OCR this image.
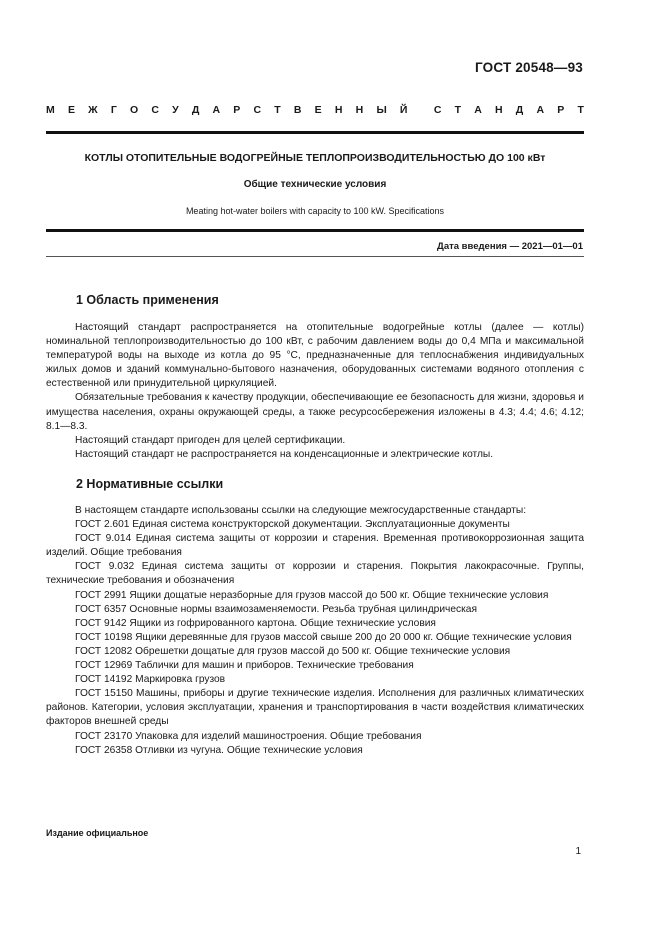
ГОСТ 20548—93
М Е Ж Г О С У Д А Р С Т В Е Н Н Ы Й	С Т А Н Д А Р Т
КОТЛЫ ОТОПИТЕЛЬНЫЕ ВОДОГРЕЙНЫЕ ТЕПЛОПРОИЗВОДИТЕЛЬНОСТЬЮ ДО 100 кВт
Общие технические условия
Meating hot-water boilers with capacity to 100 kW. Specifications
Дата введения — 2021—01—01
1 Область применения

Настоящий стандарт распространяется на отопительные водогрейные котлы (далее — котлы) номинальной теплопроизводительностью до 100 кВт, с рабочим давлением воды до 0,4 МПа и максимальной температурой воды на выходе из котла до 95 °С, предназначенные для теплоснабжения индивидуальных жилых домов и зданий коммунально-бытового назначения, оборудованных системами водяного отопления с естественной или принудительной циркуляцией.

Обязательные требования к качеству продукции, обеспечивающие ее безопасность для жизни, здоровья и имущества населения, охраны окружающей среды, а также ресурсосбережения изложены в 4.3; 4.4; 4.6; 4.12; 8.1—8.3.

Настоящий стандарт пригоден для целей сертификации.

Настоящий стандарт не распространяется на конденсационные и электрические котлы.

2 Нормативные ссылки

В настоящем стандарте использованы ссылки на следующие межгосударственные стандарты:

ГОСТ 2.601 Единая система конструкторской документации. Эксплуатационные документы

ГОСТ 9.014 Единая система защиты от коррозии и старения. Временная противокоррозионная защита изделий. Общие требования

ГОСТ 9.032 Единая система защиты от коррозии и старения. Покрытия лакокрасочные. Группы, технические требования и обозначения

ГОСТ 2991 Ящики дощатые неразборные для грузов массой до 500 кг. Общие технические условия

ГОСТ 6357 Основные нормы взаимозаменяемости. Резьба трубная цилиндрическая

ГОСТ 9142 Ящики из гофрированного картона. Общие технические условия

ГОСТ 10198 Ящики деревянные для грузов массой свыше 200 до 20 000 кг. Общие технические условия

ГОСТ 12082 Обрешетки дощатые для грузов массой до 500 кг. Общие технические условия

ГОСТ 12969 Таблички для машин и приборов. Технические требования

ГОСТ 14192 Маркировка грузов

ГОСТ 15150 Машины, приборы и другие технические изделия. Исполнения для различных климатических районов. Категории, условия эксплуатации, хранения и транспортирования в части воздействия климатических факторов внешней среды

ГОСТ 23170 Упаковка для изделий машиностроения. Общие требования

ГОСТ 26358 Отливки из чугуна. Общие технические условия

Издание официальное
1
